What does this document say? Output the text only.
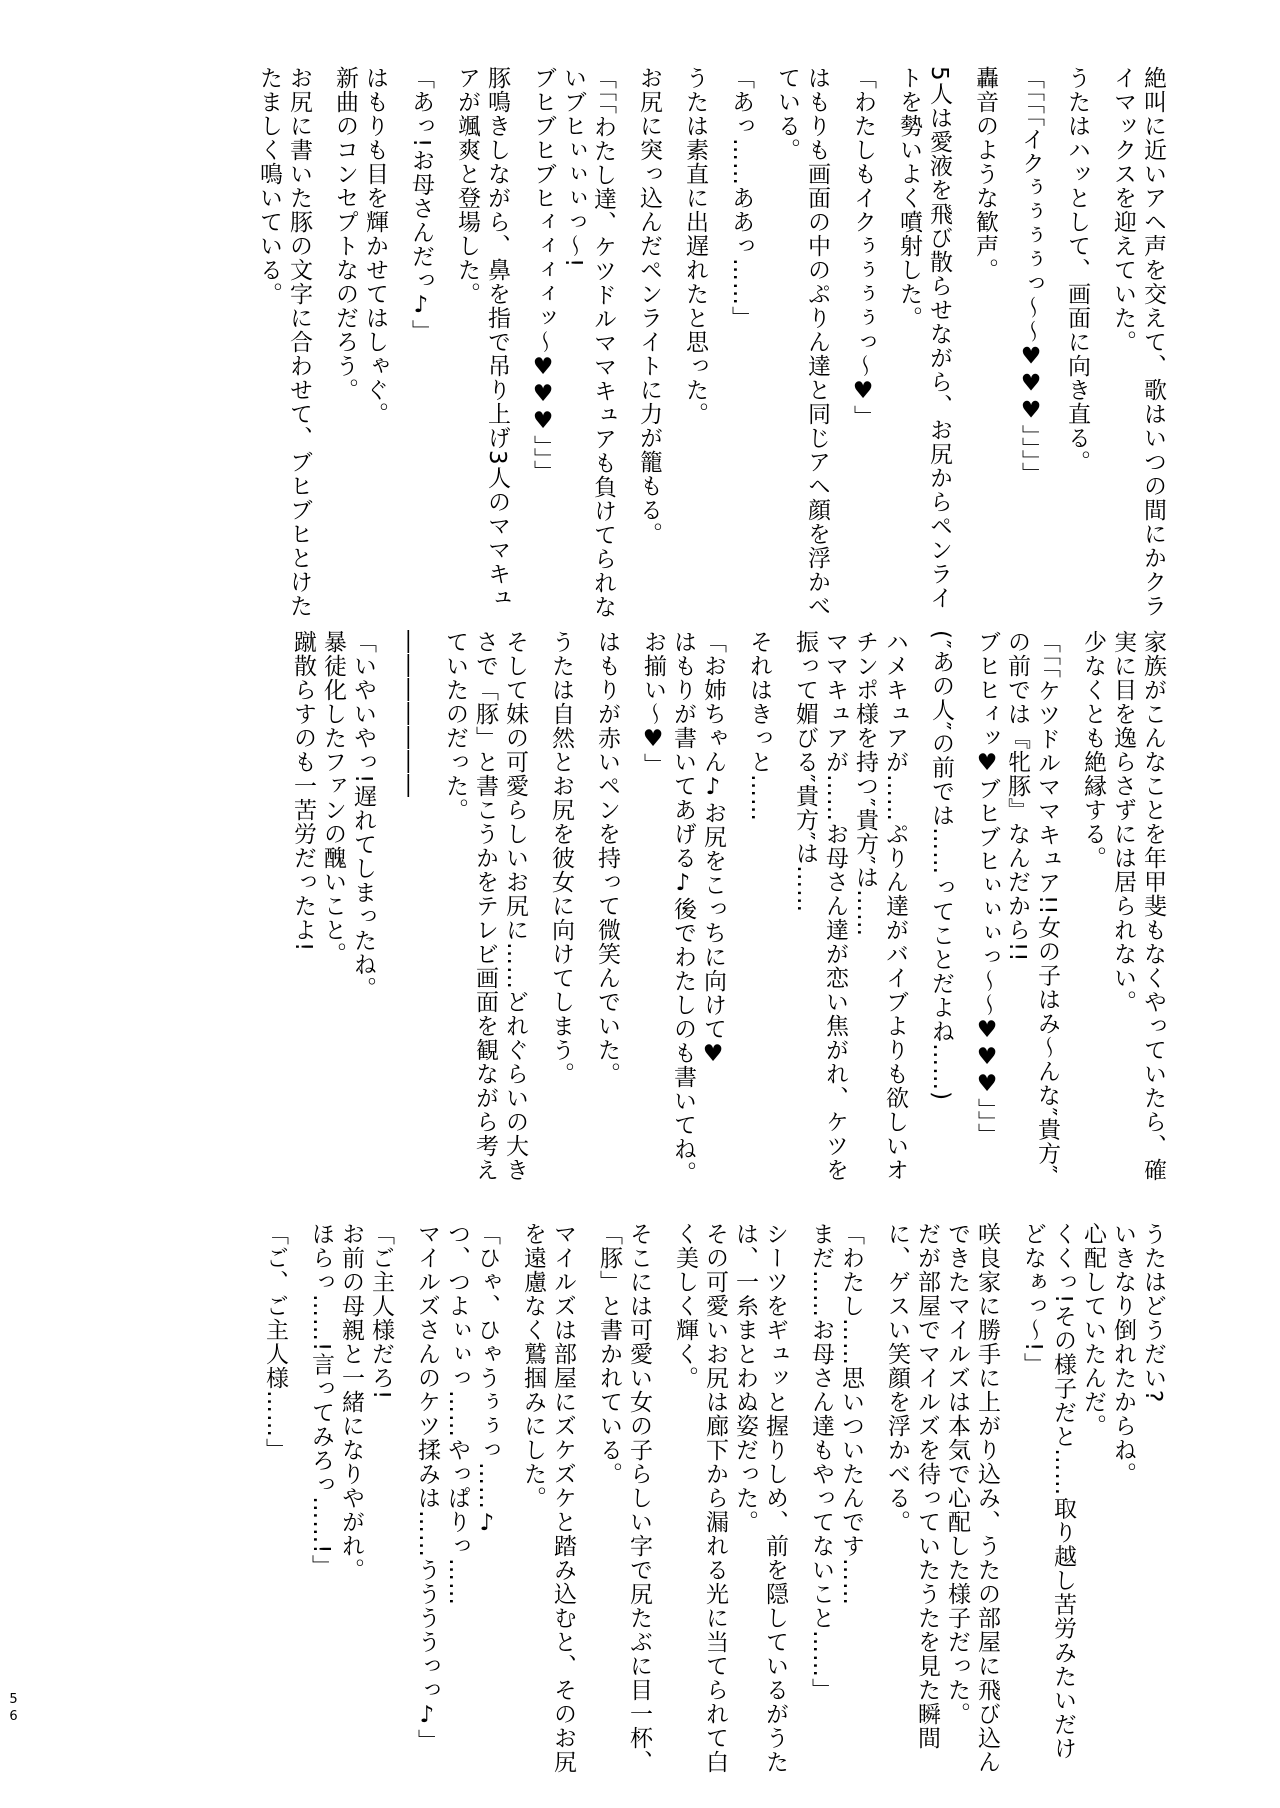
絶叫に近いアヘ声を交えて、歌はいつの間にかクライマックスを迎えていた。

うたはハッとして、画面に向き直る。

「「「「イクぅぅぅぅっ〜〜♥♥♥」」」」

轟音のような歓声。

5人は愛液を飛び散らせながら、お尻からペンライトを勢いよく噴射した。

「わたしもイクぅぅぅぅっ〜♥」

はもりも画面の中のぷりん達と同じアヘ顔を浮かべている。

「あっ……ああっ……」

うたは素直に出遅れたと思った。

お尻に突っ込んだペンライトに力が籠もる。

「「「わたし達、ケツドルママキュアも負けてられないブヒぃぃぃっ〜!

ブヒブヒブヒィィィィッ〜♥♥♥」」」

豚鳴きしながら、鼻を指で吊り上げ3人のママキュアが颯爽と登場した。

「あっ!お母さんだっ♪」

はもりも目を輝かせてはしゃぐ。

新曲のコンセプトなのだろう。

お尻に書いた豚の文字に合わせて、ブヒブヒとけたたましく鳴いている。

家族がこんなことを年甲斐もなくやっていたら、確実に目を逸らさずには居られない。

少なくとも絶縁する。

「「「ケツドルママキュア!!女の子はみ〜んな″貴方″の前では『牝豚』なんだから!!

ブヒヒィッ♥ブヒブヒぃぃぃっ〜〜♥♥♥」」」

(″あの人″の前では……ってことだよね……)

ハメキュアが……ぷりん達がバイブよりも欲しいオチンポ様を持つ″貴方″は……

ママキュアが……お母さん達が恋い焦がれ、ケツを振って媚びる″貴方″は……

それはきっと……

「お姉ちゃん♪お尻をこっちに向けて♥

はもりが書いてあげる♪後でわたしのも書いてね。お揃い〜♥」

はもりが赤いペンを持って微笑んでいた。

うたは自然とお尻を彼女に向けてしまう。

そして妹の可愛らしいお尻に……どれぐらいの大きさで「豚」と書こうかをテレビ画面を観ながら考えていたのだった。

―――――――

「いやいやっ!遅れてしまったね。

暴徒化したファンの醜いこと。

蹴散らすのも一苦労だったよ!

うたはどうだい?

いきなり倒れたからね。

心配していたんだ。

くくっ!その様子だと……取り越し苦労みたいだけどなぁっ〜!」

咲良家に勝手に上がり込み、うたの部屋に飛び込んできたマイルズは本気で心配した様子だった。

だが部屋でマイルズを待っていたうたを見た瞬間に、ゲスい笑顔を浮かべる。

「わたし……思いついたんです……

まだ……お母さん達もやってないこと……」

シーツをギュッと握りしめ、前を隠しているがうたは、一糸まとわぬ姿だった。

その可愛いお尻は廊下から漏れる光に当てられて白く美しく輝く。

そこには可愛い女の子らしい字で尻たぶに目一杯、「豚」と書かれている。

マイルズは部屋にズケズケと踏み込むと、そのお尻を遠慮なく鷲掴みにした。

「ひゃ、ひゃうぅぅっ……♪

つ、つよぃぃっ……やっぱりっ……

マイルズさんのケツ揉みは……ううううっっ♪」

「ご主人様だろ!

お前の母親と一緒になりやがれ。

ほらっ……!言ってみろっ……!」

「ご、ご主人様……」

56
